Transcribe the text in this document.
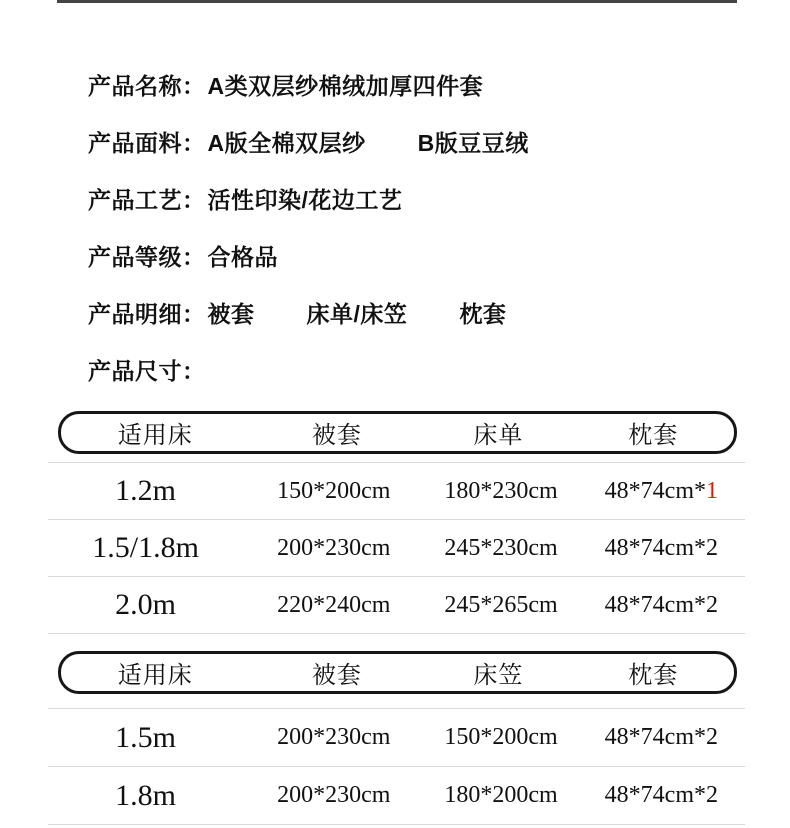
产品名称： A类双层纱棉绒加厚四件套
产品面料： A版全棉双层纱 B版豆豆绒
产品工艺： 活性印染/花边工艺
产品等级： 合格品
产品明细： 被套 床单/床笠 枕套
产品尺寸：
适用床	被套	床单	枕套
1.2m	150*200cm	180*230cm	48*74cm*1
1.5/1.8m	200*230cm	245*230cm	48*74cm*2
2.0m	220*240cm	245*265cm	48*74cm*2
适用床	被套	床笠	枕套
1.5m	200*230cm	150*200cm	48*74cm*2
1.8m	200*230cm	180*200cm	48*74cm*2
